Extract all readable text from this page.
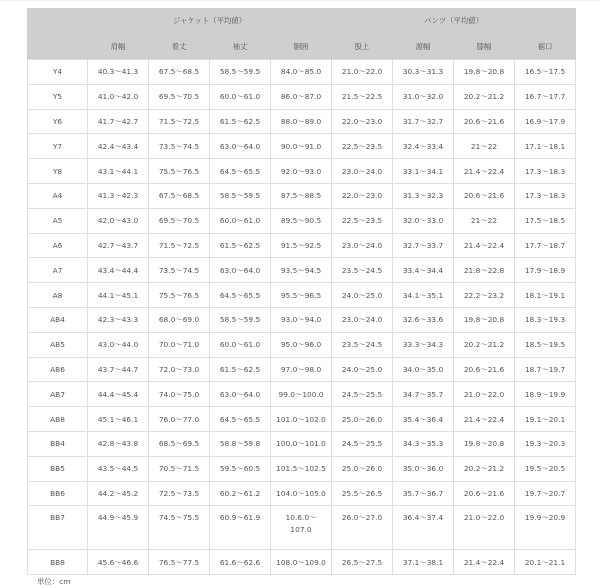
	ジャケット（平均値）				パンツ（平均値）			
	肩幅	着丈	袖丈	胴囲	股上	渡幅	膝幅	裾口
Y4	40.3～41.3	67.5～68.5	58.5～59.5	84.0～85.0	21.0～22.0	30.3～31.3	19.8～20.8	16.5～17.5
Y5	41.0～42.0	69.5～70.5	60.0～61.0	86.0～87.0	21.5～22.5	31.0～32.0	20.2～21.2	16.7～17.7
Y6	41.7～42.7	71.5～72.5	61.5～62.5	88.0～89.0	22.0～23.0	31.7～32.7	20.6～21.6	16.9～17.9
Y7	42.4～43.4	73.5～74.5	63.0～64.0	90.0～91.0	22.5～23.5	32.4～33.4	21～22	17.1～18.1
Y8	43.1～44.1	75.5～76.5	64.5～65.5	92.0～93.0	23.0～24.0	33.1～34.1	21.4～22.4	17.3～18.3
A4	41.3～42.3	67.5～68.5	58.5～59.5	87.5～88.5	22.0～23.0	31.3～32.3	20.6～21.6	17.3～18.3
A5	42.0～43.0	69.5～70.5	60.0～61.0	89.5～90.5	22.5～23.5	32.0～33.0	21～22	17.5～18.5
A6	42.7～43.7	71.5～72.5	61.5～62.5	91.5～92.5	23.0～24.0	32.7～33.7	21.4～22.4	17.7～18.7
A7	43.4～44.4	73.5～74.5	63.0～64.0	93.5～94.5	23.5～24.5	33.4～34.4	21.8～22.8	17.9～18.9
A8	44.1～45.1	75.5～76.5	64.5～65.5	95.5～96.5	24.0～25.0	34.1～35.1	22.2～23.2	18.1～19.1
AB4	42.3～43.3	68.0～69.0	58.5～59.5	93.0～94.0	23.0～24.0	32.6～33.6	19.8～20.8	18.3～19.3
AB5	43.0～44.0	70.0～71.0	60.0～61.0	95.0～96.0	23.5～24.5	33.3～34.3	20.2～21.2	18.5～19.5
AB6	43.7～44.7	72.0～73.0	61.5～62.5	97.0～98.0	24.0～25.0	34.0～35.0	20.6～21.6	18.7～19.7
AB7	44.4～45.4	74.0～75.0	63.0～64.0	99.0～100.0	24.5～25.5	34.7～35.7	21.0～22.0	18.9～19.9
AB8	45.1～46.1	76.0～77.0	64.5～65.5	101.0～102.0	25.0～26.0	35.4～36.4	21.4～22.4	19.1～20.1
BB4	42.8～43.8	68.5～69.5	58.8～59.8	100.0～101.0	24.5～25.5	34.3～35.3	19.8～20.8	19.3～20.3
BB5	43.5～44.5	70.5～71.5	59.5～60.5	101.5～102.5	25.0～26.0	35.0～36.0	20.2～21.2	19.5～20.5
BB6	44.2～45.2	72.5～73.5	60.2～61.2	104.0～105.0	25.5～26.5	35.7～36.7	20.6～21.6	19.7～20.7
BB7	44.9～45.9	74.5～75.5	60.9～61.9	10.6.0～
107.0	26.0～27.0	36.4～37.4	21.0～22.0	19.9～20.9
BB8	45.6～46.6	76.5～77.5	61.6～62.6	108.0～109.0	26.5～27.5	37.1～38.1	21.4～22.4	20.1～21.1
単位：cm
